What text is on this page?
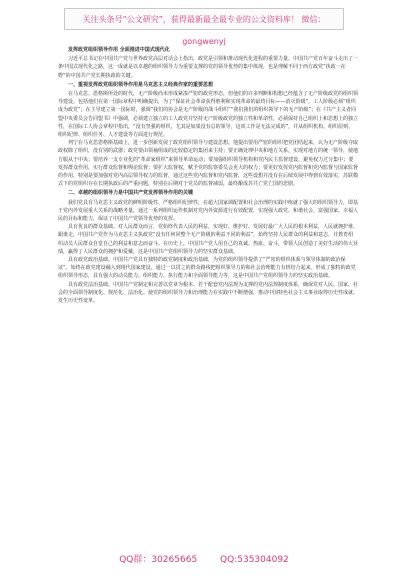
关注头条号“公文研究”，获得最新最全最专业的公文资料库！ 微信：gongwenyj
发挥政党组织领导作用 全面推进中国式现代化

习近平总书记在中国共产党与世界政党高层对话会上指出，政党是引领和推动现代化进程的重要力量。中国共产党百年奋斗走出了一条中国式现代化之路，这一成就是以卓越的组织领导力为重要支撑的党的领导优势的集中体现，也是理解不同于西方政党“执政一在野”的中国共产党长期执政的关键。

一、重视发挥政党组织领导作用是马克思主义经典作家的重要思想

在马克思、恩格斯所处的时代，无产阶级尚未形成紧凑严密的政党形态，但他们的许多判断和构想已经蕴含了无产阶级政党的组织领导建设。包括他们在第一国际章程中明确提出，为了“保证社会革命获得胜利和实现革命的最终目标——消灭阶级”，工人阶级必须“组织成为政党”；在主导建立第一国际时，强调“我们的协会是无产阶级的战斗组织”“我们我们的组织领导下的无产阶级”；在《共产主义者同盟中央委员会告同盟书》中强调，必须建立独立的工人政党并坚持无产阶级政党的独立性和革命性，必须保持自己组织上和思想上的独立性，在国际工人协会章程中指出，“没有坚强的组织，尤其是如果没有总的领导，这项工作是无法完成的”，并从组织机构、组织原则、组织纪律、组织任务、人才建设等方面进行规范。

列宁在马克思恩格斯基础上，进一步创新发展了政党组织领导与建设思想。他提出要用严密的组织把党团结起来，认为无产阶级夺取政权除了组织，没有别的武器；政党要由领袖组成的比较稳定的集团来主持；要正确处理中央和地方关系，实现对地方的统一领导，使地方服从于中央；要培养一支专业化的“革命家组织”来领导革命运动；要加强组织领导机构和党内民主监督建设，避免权力过分集中；要发挥群众作用，实行群众监督和舆论监督；要扩大监督权，赋予党的监察委员会更大的权力；要更好发挥党内监督和党内监督与国家监督的作用，特别是要加强对党内高层领导权力的监督，通过这些党内监督和党内监督，这些设想并没有在后续发展中得到有效落实，苏联模式下的党组织存在长期执政后的严重问题，特别在后期对于党员的监督减弱，最终酿成苏共亡党亡国的悲剧。

二、卓越的组织领导力是中国共产党发挥领导作用的关键

我们党具有马克思主义政党的鲜明阶级性、严格组织纪律性，在超大国家调配置和社会治理的实践中练就了强大的组织领导力，即基于党内外发展重大关系的战略考量，通过一系列组织运作机制对党内外资源进行有效配置，实现强大政党、和谐社会、富强国家、幸福人民的目标和能力，保证了中国共产党领导优势的发挥。

具有优良的群众基础。对人民群众而言，党始终代表人民的利益，实现好、维护好、发展好最广大人民的根本利益，人民就拥护谁、跟谁走。中国共产党作为马克思主义执政党“没有任何同整个无产阶级的利益不同的利益”，始终坚持人民群众的利益和意志，并教育组织动员人民群众自觉自己的利益和意志而奋斗。在历史上，中国共产党人用自己的真诚、热血、奋斗，带领人民创造了美好生活的伟大业绩，赢得了人民群众的拥护和爱戴，这是中国共产党组织领导力的坚实群众基础。

具有政党政治基础。中国共产党具有独特的政党制度和政治基础，为党的组织领导提供了“严密的组织体系与领导体制的政治保证”。始终在政党建设融入到现代国家建设，通过一以贯之的群众路线把组织领导力的和社会治理能力有机结合起来。形成了独特的政党组织领导形态，具有强大的动员能力、组织能力、执行能力和全面领导能力等，这是中国共产党组织领导力的坚实政治基础。

具有政党法治基础。中国共产党制定和完善以党章为根本、若干配套党内法规为支撑的党内法规制度体系，确保党对人民、国家、社会的全面领导制度化、规范化、法治化。使党的组织领导力和治理能力在实践中不断增强，推动中国特色社会主义事业取得历史性成就、发生历史性变革。

QQ群：30265665	QQ:535304092
